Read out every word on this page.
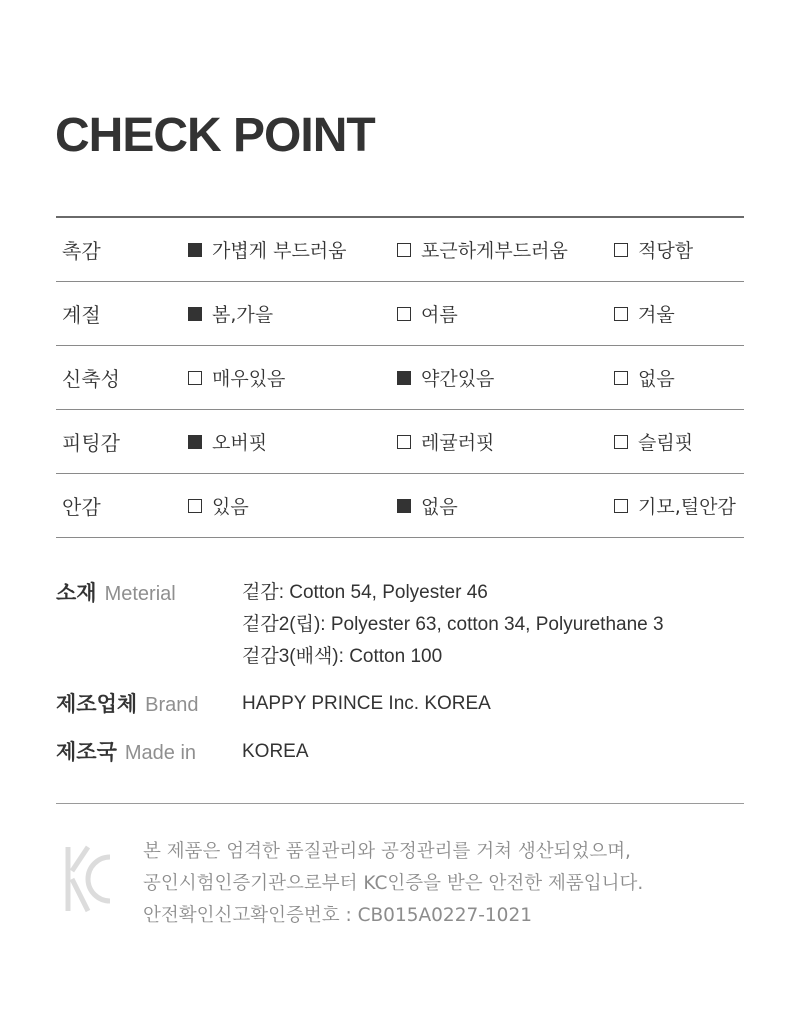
CHECK POINT
촉감	가볍게 부드러움	포근하게부드러움	적당함
계절	봄,가을	여름	겨울
신축성	매우있음	약간있음	없음
피팅감	오버핏	레귤러핏	슬림핏
안감	있음	없음	기모,털안감
소재 Meterial	겉감: Cotton 54, Polyester 46
겉감2(립): Polyester 63, cotton 34, Polyurethane 3
겉감3(배색): Cotton 100
제조업체 Brand HAPPY PRINCE Inc. KOREA
제조국 Made in KOREA
본 제품은 엄격한 품질관리와 공정관리를 거쳐 생산되었으며,
공인시험인증기관으로부터 KC인증을 받은 안전한 제품입니다.
안전확인신고확인증번호 : CB015A0227-1021
